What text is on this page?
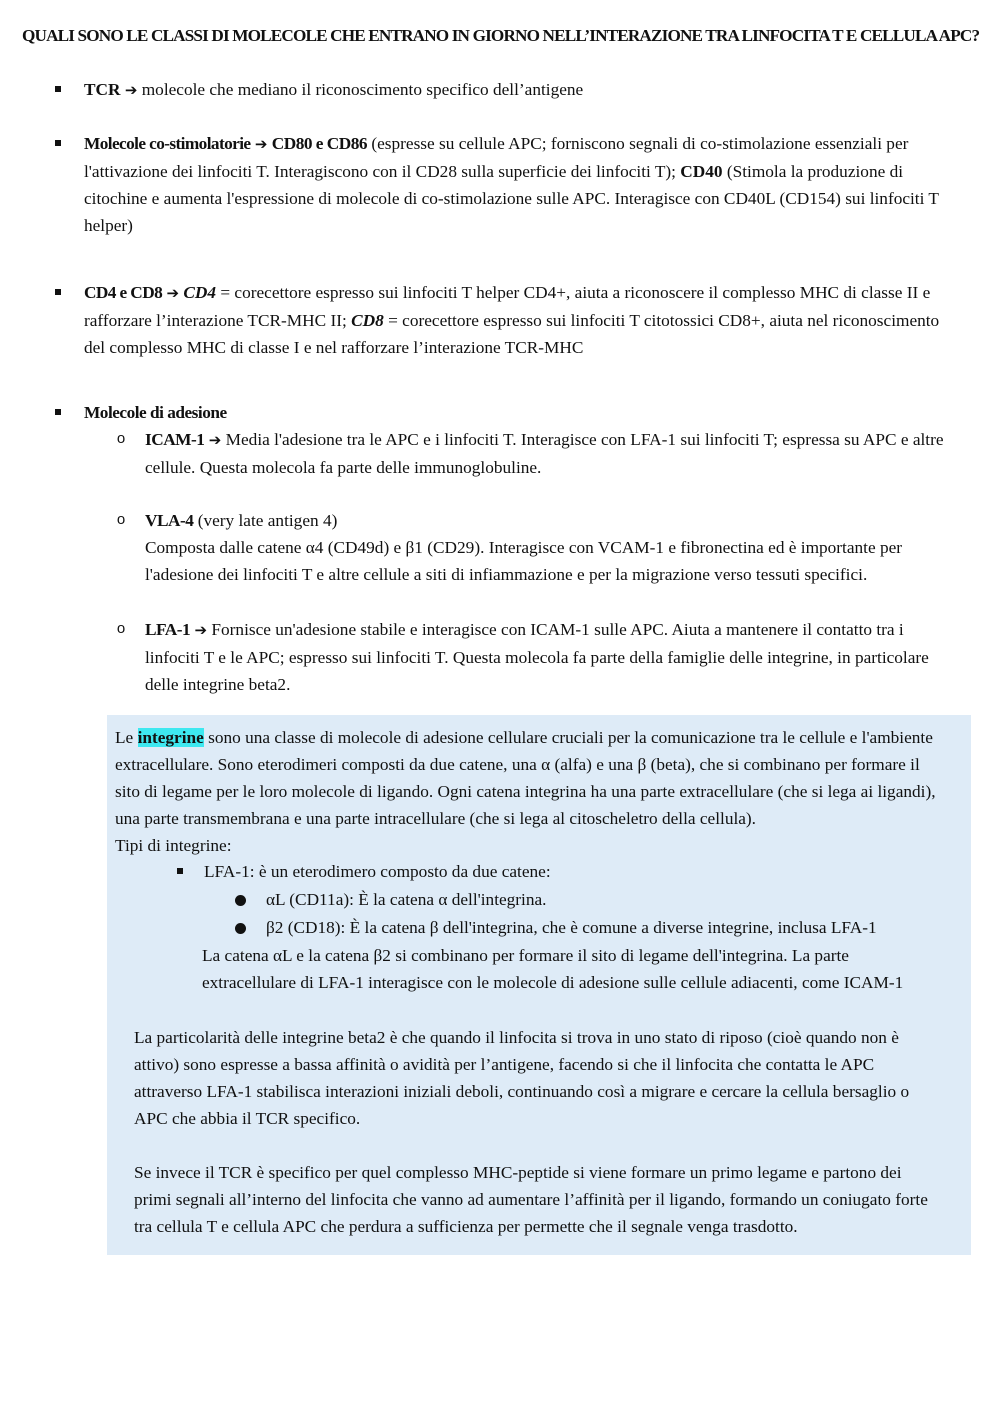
QUALI SONO LE CLASSI DI MOLECOLE CHE ENTRANO IN GIORNO NELL’INTERAZIONE TRA LINFOCITA T E CELLULA APC?
TCR ➔ molecole che mediano il riconoscimento specifico dell’antigene
Molecole co-stimolatorie ➔ CD80 e CD86 (espresse su cellule APC; forniscono segnali di co-stimolazione essenziali per l'attivazione dei linfociti T. Interagiscono con il CD28 sulla superficie dei linfociti T); CD40 (Stimola la produzione di citochine e aumenta l'espressione di molecole di co-stimolazione sulle APC. Interagisce con CD40L (CD154) sui linfociti T helper)
CD4 e CD8 ➔ CD4 = corecettore espresso sui linfociti T helper CD4+, aiuta a riconoscere il complesso MHC di classe II e rafforzare l’interazione TCR-MHC II; CD8 = corecettore espresso sui linfociti T citotossici CD8+, aiuta nel riconoscimento del complesso MHC di classe I e nel rafforzare l’interazione TCR-MHC
Molecole di adesione
o ICAM-1 ➔ Media l'adesione tra le APC e i linfociti T. Interagisce con LFA-1 sui linfociti T; espressa su APC e altre cellule. Questa molecola fa parte delle immunoglobuline.
o VLA-4 (very late antigen 4)
Composta dalle catene α4 (CD49d) e β1 (CD29). Interagisce con VCAM-1 e fibronectina ed è importante per l'adesione dei linfociti T e altre cellule a siti di infiammazione e per la migrazione verso tessuti specifici.
o LFA-1 ➔ Fornisce un'adesione stabile e interagisce con ICAM-1 sulle APC. Aiuta a mantenere il contatto tra i linfociti T e le APC; espresso sui linfociti T. Questa molecola fa parte della famiglie delle integrine, in particolare delle integrine beta2.
Le integrine sono una classe di molecole di adesione cellulare cruciali per la comunicazione tra le cellule e l'ambiente extracellulare. Sono eterodimeri composti da due catene, una α (alfa) e una β (beta), che si combinano per formare il sito di legame per le loro molecole di ligando. Ogni catena integrina ha una parte extracellulare (che si lega ai ligandi), una parte transmembrana e una parte intracellulare (che si lega al citoscheletro della cellula).
Tipi di integrine:
LFA-1: è un eterodimero composto da due catene:
αL (CD11a): È la catena α dell'integrina.
β2 (CD18): È la catena β dell'integrina, che è comune a diverse integrine, inclusa LFA-1
La catena αL e la catena β2 si combinano per formare il sito di legame dell'integrina. La parte extracellulare di LFA-1 interagisce con le molecole di adesione sulle cellule adiacenti, come ICAM-1
La particolarità delle integrine beta2 è che quando il linfocita si trova in uno stato di riposo (cioè quando non è attivo) sono espresse a bassa affinità o avidità per l’antigene, facendo si che il linfocita che contatta le APC attraverso LFA-1 stabilisca interazioni iniziali deboli, continuando così a migrare e cercare la cellula bersaglio o APC che abbia il TCR specifico.
Se invece il TCR è specifico per quel complesso MHC-peptide si viene formare un primo legame e partono dei primi segnali all’interno del linfocita che vanno ad aumentare l’affinità per il ligando, formando un coniugato forte tra cellula T e cellula APC che perdura a sufficienza per permette che il segnale venga trasdotto.
